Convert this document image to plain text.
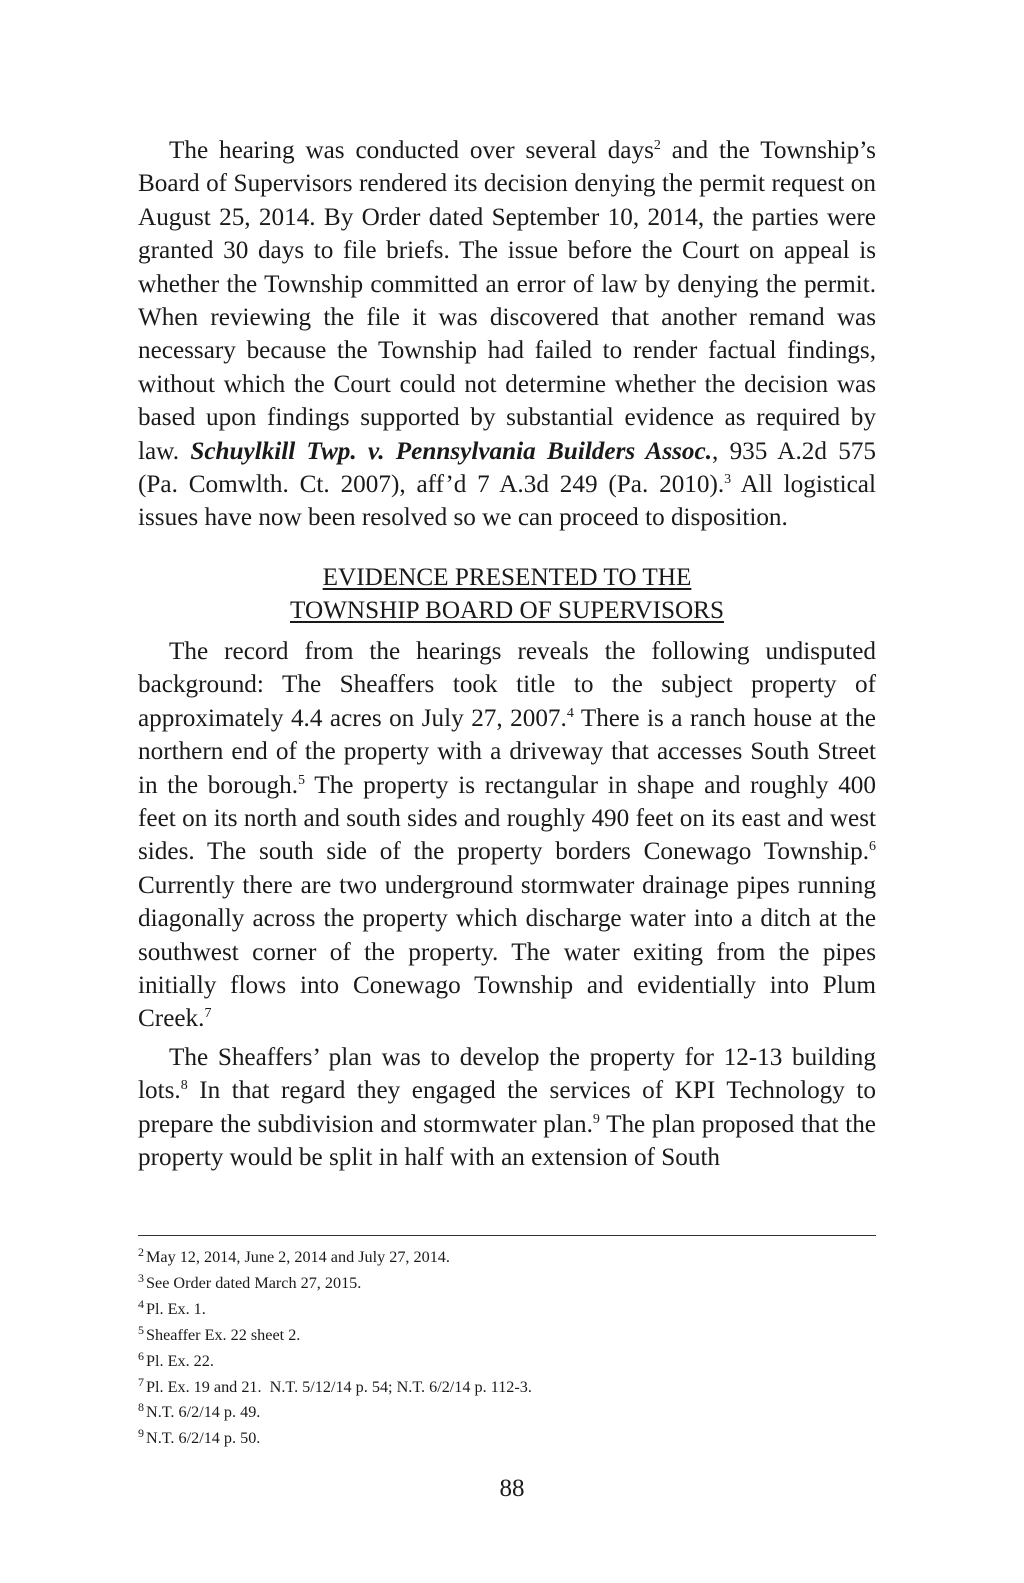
The hearing was conducted over several days$^2$ and the Township’s Board of Supervisors rendered its decision denying the permit request on August 25, 2014. By Order dated September 10, 2014, the parties were granted 30 days to file briefs. The issue before the Court on appeal is whether the Township committed an error of law by denying the permit. When reviewing the file it was discovered that another remand was necessary because the Township had failed to render factual findings, without which the Court could not determine whether the decision was based upon findings supported by substantial evidence as required by law. Schuylkill Twp. v. Pennsylvania Builders Assoc., 935 A.2d 575 (Pa. Comwlth. Ct. 2007), aff’d 7 A.3d 249 (Pa. 2010).$^3$ All logistical issues have now been resolved so we can proceed to disposition.

EVIDENCE PRESENTED TO THE
TOWNSHIP BOARD OF SUPERVISORS

The record from the hearings reveals the following undisputed background: The Sheaffers took title to the subject property of approximately 4.4 acres on July 27, 2007.$^4$ There is a ranch house at the northern end of the property with a driveway that accesses South Street in the borough.$^5$ The property is rectangular in shape and roughly 400 feet on its north and south sides and roughly 490 feet on its east and west sides. The south side of the property borders Conewago Township.$^6$ Currently there are two underground stormwater drainage pipes running diagonally across the property which discharge water into a ditch at the southwest corner of the property. The water exiting from the pipes initially flows into Conewago Township and evidentially into Plum Creek.$^7$

The Sheaffers’ plan was to develop the property for 12-13 building lots.$^8$ In that regard they engaged the services of KPI Technology to prepare the subdivision and stormwater plan.$^9$ The plan proposed that the property would be split in half with an extension of South

$^2$ May 12, 2014, June 2, 2014 and July 27, 2014.

$^3$ See Order dated March 27, 2015.

$^4$ Pl. Ex. 1.

$^5$ Sheaffer Ex. 22 sheet 2.

$^6$ Pl. Ex. 22.

$^7$ Pl. Ex. 19 and 21.  N.T. 5/12/14 p. 54; N.T. 6/2/14 p. 112-3.

$^8$ N.T. 6/2/14 p. 49.

$^9$ N.T. 6/2/14 p. 50.

88
